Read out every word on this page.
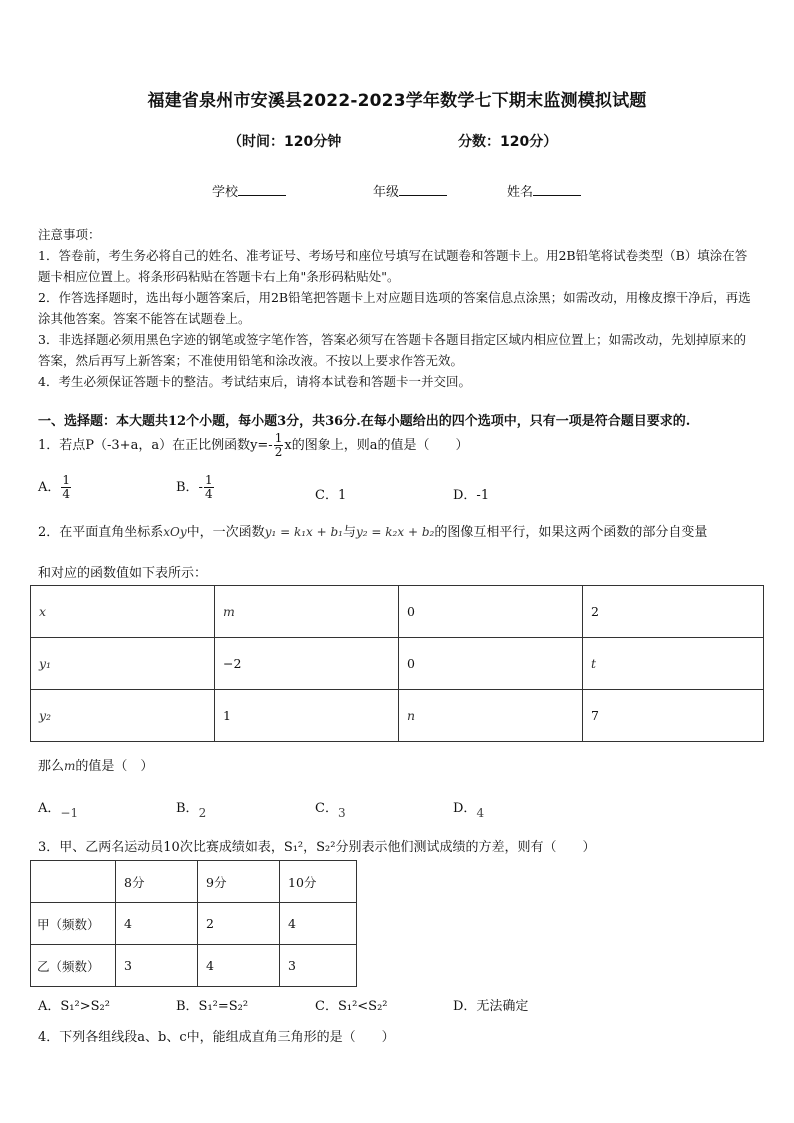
福建省泉州市安溪县2022-2023学年数学七下期末监测模拟试题
（时间：120分钟	分数：120分）
学校	年级	姓名

注意事项：

1．答卷前，考生务必将自己的姓名、准考证号、考场号和座位号填写在试题卷和答题卡上。用2B铅笔将试卷类型（B）填涂在答题卡相应位置上。将条形码粘贴在答题卡右上角"条形码粘贴处"。

2．作答选择题时，选出每小题答案后，用2B铅笔把答题卡上对应题目选项的答案信息点涂黑；如需改动，用橡皮擦干净后，再选涂其他答案。答案不能答在试题卷上。

3．非选择题必须用黑色字迹的钢笔或签字笔作答，答案必须写在答题卡各题目指定区域内相应位置上；如需改动，先划掉原来的答案，然后再写上新答案；不准使用铅笔和涂改液。不按以上要求作答无效。

4．考生必须保证答题卡的整洁。考试结束后，请将本试卷和答题卡一并交回。

一、选择题：本大题共12个小题，每小题3分，共36分.在每小题给出的四个选项中，只有一项是符合题目要求的.
1．若点P（-3+a，a）在正比例函数$y=- \frac{1}{2}$ x的图象上，则a的值是（　　）
A． $\frac{1}{4}$	B．- $\frac{1}{4}$	C．1	D．-1
2．在平面直角坐标系xOy中，一次函数y₁ = k₁x + b₁与y₂ = k₂x + b₂的图像互相平行，如果这两个函数的部分自变量
和对应的函数值如下表所示：
x	m	0	2
y₁	−2	0	t
y₂	1	n	7
那么m的值是（　）
A．−1	B．2	C．3	D．4
3．甲、乙两名运动员10次比赛成绩如表，S₁²，S₂²分别表示他们测试成绩的方差，则有（　　）
	8分	9分	10分
甲（频数）	4	2	4
乙（频数）	3	4	3
A．S₁²>S₂²	B．S₁²=S₂²	C．S₁²<S₂²	D．无法确定
4．下列各组线段a、b、c中，能组成直角三角形的是（　　）
